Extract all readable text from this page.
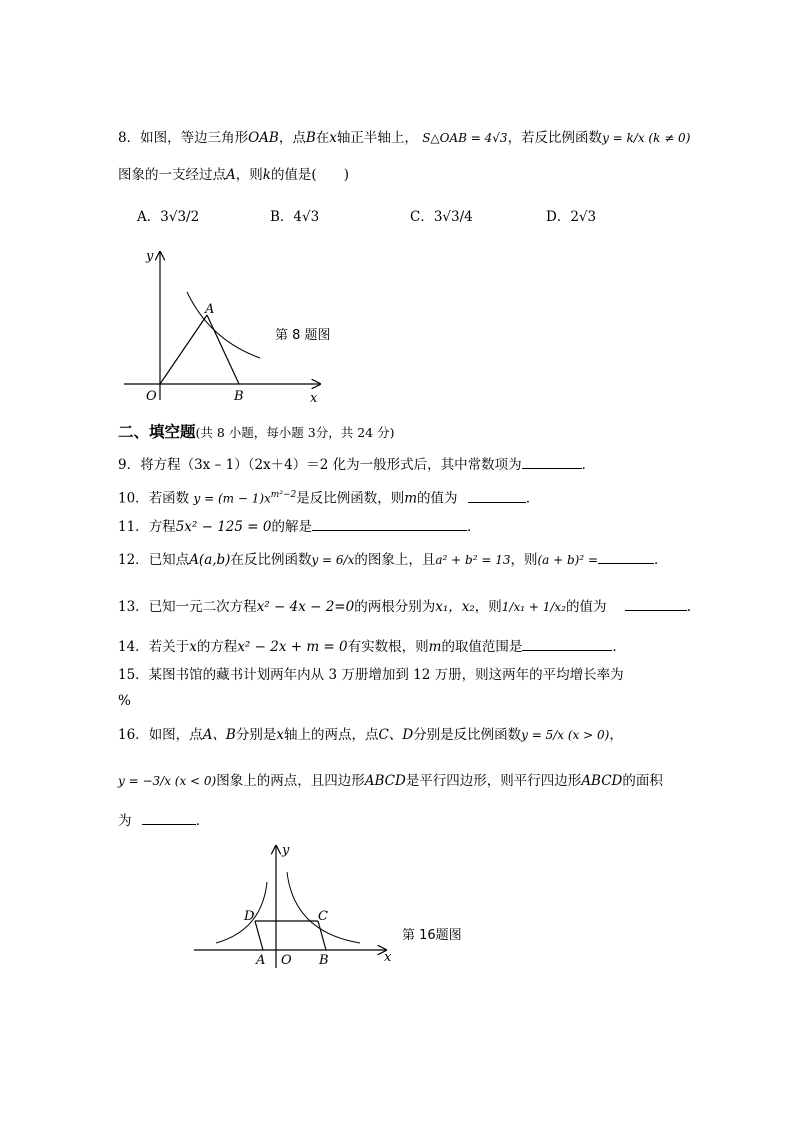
8．如图，等边三角形OAB，点B在x轴正半轴上， S△OAB = 4√3，若反比例函数y = k/x (k ≠ 0)
图象的一支经过点A，则k的值是(　　)
A．3√3/2	B．4√3	C．3√3/4	D．2√3
y
x
O
A
B
第 8 题图
二、填空题(共 8 小题，每小题 3分，共 24 分)
9．将方程（3x – 1）（2x＋4）＝2 化为一般形式后，其中常数项为	．
10．若函数 $y = (m - 1)x^{m^2-2}$是反比例函数，则m的值为	．
11．方程5x² − 125 = 0的解是	．
12．已知点A(a,b)在反比例函数y = 6/x的图象上，且a² + b² = 13，则(a + b)² =	．
13．已知一元二次方程x² − 4x − 2=0的两根分别为x₁，x₂，则1/x₁ + 1/x₂的值为	.
14．若关于x的方程x² − 2x + m = 0有实数根，则m的取值范围是	．
15．某图书馆的藏书计划两年内从 3 万册增加到 12 万册，则这两年的平均增长率为
%
16．如图，点A、B分别是x轴上的两点，点C、D分别是反比例函数y = 5/x (x > 0)，
y = −3/x (x < 0)图象上的两点，且四边形ABCD是平行四边形，则平行四边形ABCD的面积
为	．
y
x
O
A	B
C
D
第 16题图
